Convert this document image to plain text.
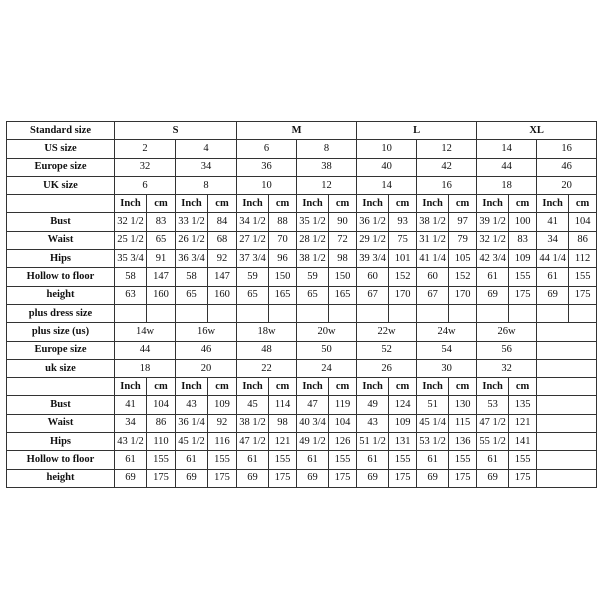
Standard size	S				M				L				XL			
US size	2		4		6		8		10		12		14		16	
Europe size	32		34		36		38		40		42		44		46	
UK size	6		8		10		12		14		16		18		20	
	Inch	cm	Inch	cm	Inch	cm	Inch	cm	Inch	cm	Inch	cm	Inch	cm	Inch	cm
Bust	32 1/2	83	33 1/2	84	34 1/2	88	35 1/2	90	36 1/2	93	38 1/2	97	39 1/2	100	41	104
Waist	25 1/2	65	26 1/2	68	27 1/2	70	28 1/2	72	29 1/2	75	31 1/2	79	32 1/2	83	34	86
Hips	35 3/4	91	36 3/4	92	37 3/4	96	38 1/2	98	39 3/4	101	41 1/4	105	42 3/4	109	44 1/4	112
Hollow to floor	58	147	58	147	59	150	59	150	60	152	60	152	61	155	61	155
height	63	160	65	160	65	165	65	165	67	170	67	170	69	175	69	175
plus dress size																
plus size (us)	14w		16w		18w		20w		22w		24w		26w			
Europe size	44		46		48		50		52		54		56			
uk size	18		20		22		24		26		30		32			
	Inch	cm	Inch	cm	Inch	cm	Inch	cm	Inch	cm	Inch	cm	Inch	cm		
Bust	41	104	43	109	45	114	47	119	49	124	51	130	53	135		
Waist	34	86	36 1/4	92	38 1/2	98	40 3/4	104	43	109	45 1/4	115	47 1/2	121		
Hips	43 1/2	110	45 1/2	116	47 1/2	121	49 1/2	126	51 1/2	131	53 1/2	136	55 1/2	141		
Hollow to floor	61	155	61	155	61	155	61	155	61	155	61	155	61	155		
height	69	175	69	175	69	175	69	175	69	175	69	175	69	175		
